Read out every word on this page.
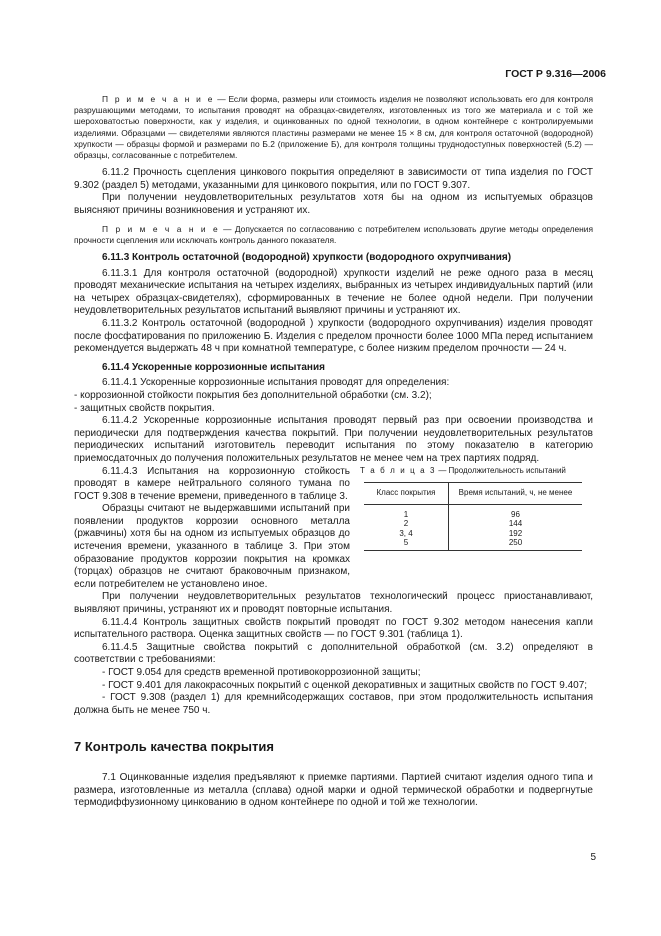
ГОСТ Р 9.316—2006

П р и м е ч а н и е — Если форма, размеры или стоимость изделия не позволяют использовать его для контроля разрушающими методами, то испытания проводят на образцах-свидетелях, изготовленных из того же материала и с той же шероховатостью поверхности, как у изделия, и оцинкованных по одной технологии, в одном контейнере с контролируемыми изделиями. Образцами — свидетелями являются пластины размерами не менее 15 × 8 см, для контроля остаточной (водородной) хрупкости — образцы формой и размерами по Б.2 (приложение Б), для контроля толщины труднодоступных поверхностей (5.2) — образцы, согласованные с потребителем.

6.11.2 Прочность сцепления цинкового покрытия определяют в зависимости от типа изделия по ГОСТ 9.302 (раздел 5) методами, указанными для цинкового покрытия, или по ГОСТ 9.307.

При получении неудовлетворительных результатов хотя бы на одном из испытуемых образцов выясняют причины возникновения и устраняют их.

П р и м е ч а н и е — Допускается по согласованию с потребителем использовать другие методы определения прочности сцепления или исключать контроль данного показателя.

6.11.3 Контроль остаточной (водородной) хрупкости (водородного охрупчивания)

6.11.3.1 Для контроля остаточной (водородной) хрупкости изделий не реже одного раза в месяц проводят механические испытания на четырех изделиях, выбранных из четырех индивидуальных партий (или на четырех образцах-свидетелях), сформированных в течение не более одной недели. При получении неудовлетворительных результатов испытаний выявляют причины и устраняют их.

6.11.3.2 Контроль остаточной (водородной ) хрупкости (водородного охрупчивания) изделия проводят после фосфатирования по приложению Б. Изделия с пределом прочности более 1000 МПа перед испытанием рекомендуется выдержать 48 ч при комнатной температуре, с более низким пределом прочности — 24 ч.

6.11.4 Ускоренные коррозионные испытания

6.11.4.1 Ускоренные коррозионные испытания проводят для определения:

- коррозионной стойкости покрытия без дополнительной обработки (см. 3.2);

- защитных свойств покрытия.

6.11.4.2 Ускоренные коррозионные испытания проводят первый раз при освоении производства и периодически для подтверждения качества покрытий. При получении неудовлетворительных результатов периодических испытаний изготовитель переводит испытания по этому показателю в категорию приемосдаточных до получения положительных результатов не менее чем на трех партиях подряд.

6.11.4.3 Испытания на коррозионную стойкость проводят в камере нейтрального соляного тумана по ГОСТ 9.308 в течение времени, приведенного в таблице 3.

Образцы считают не выдержавшими испытаний при появлении продуктов коррозии основного металла (ржавчины) хотя бы на одном из испытуемых образцов до истечения времени, указанного в таблице 3. При этом образование продуктов коррозии покрытия на кромках (торцах) образцов не считают браковочным признаком, если потребителем не установлено иное.

Т а б л и ц а 3 — Продолжительность испытаний
Класс покрытия	Время испытаний, ч, не менее
1	96
2	144
3, 4	192
5	250

При получении неудовлетворительных результатов технологический процесс приостанавливают, выявляют причины, устраняют их и проводят повторные испытания.

6.11.4.4 Контроль защитных свойств покрытий проводят по ГОСТ 9.302 методом нанесения капли испытательного раствора. Оценка защитных свойств — по ГОСТ 9.301 (таблица 1).

6.11.4.5 Защитные свойства покрытий с дополнительной обработкой (см. 3.2) определяют в соответствии с требованиями:

- ГОСТ 9.054 для средств временной противокоррозионной защиты;

- ГОСТ 9.401 для лакокрасочных покрытий с оценкой декоративных и защитных свойств по ГОСТ 9.407;

- ГОСТ 9.308 (раздел 1) для кремнийсодержащих составов, при этом продолжительность испытания должна быть не менее 750 ч.

7 Контроль качества покрытия

7.1 Оцинкованные изделия предъявляют к приемке партиями. Партией считают изделия одного типа и размера, изготовленные из металла (сплава) одной марки и одной термической обработки и подвергнутые термодиффузионному цинкованию в одном контейнере по одной и той же технологии.

5
